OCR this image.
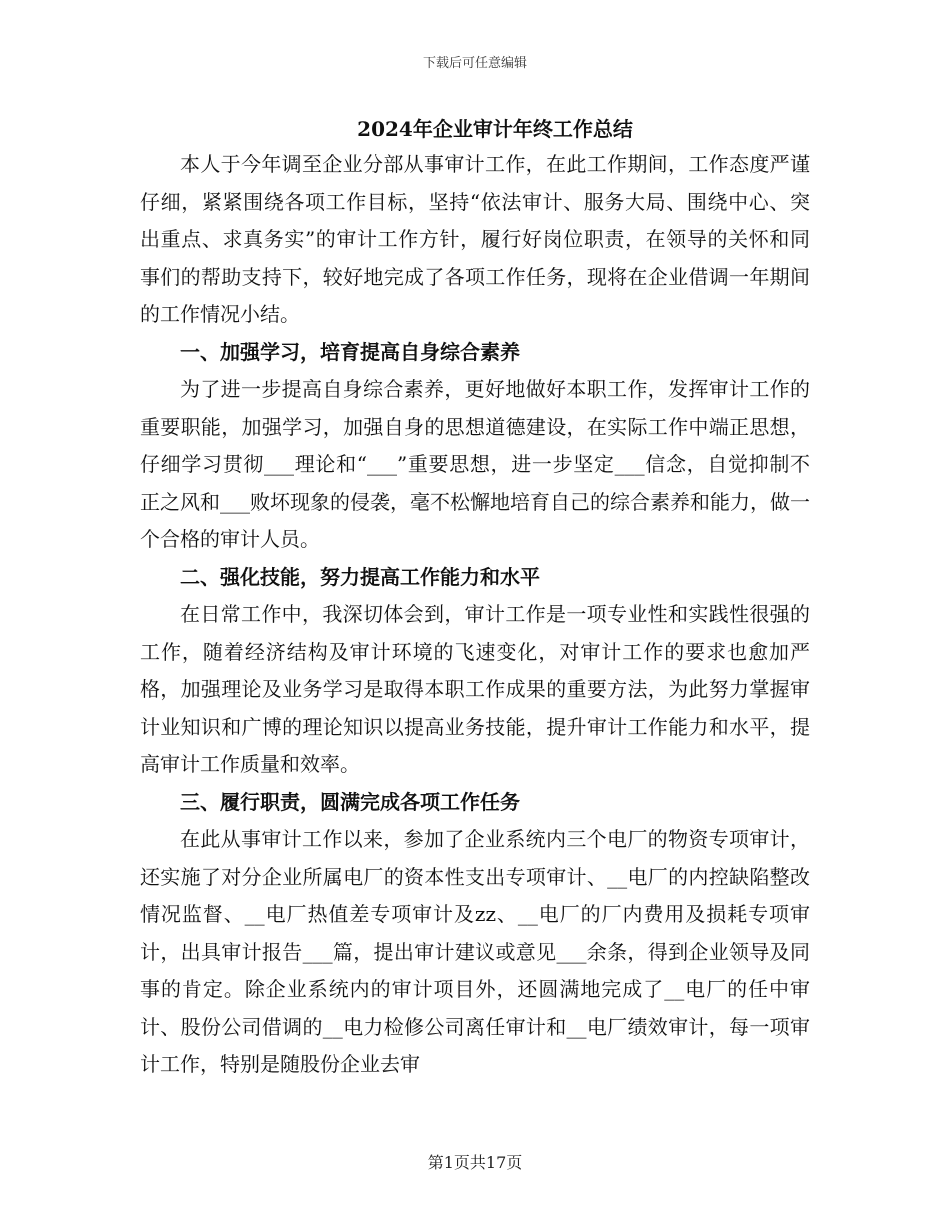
下载后可任意编辑
2024年企业审计年终工作总结

本人于今年调至企业分部从事审计工作，在此工作期间，工作态度严谨仔细，紧紧围绕各项工作目标，坚持“依法审计、服务大局、围绕中心、突出重点、求真务实”的审计工作方针，履行好岗位职责，在领导的关怀和同事们的帮助支持下，较好地完成了各项工作任务，现将在企业借调一年期间的工作情况小结。

一、加强学习，培育提高自身综合素养

为了进一步提高自身综合素养，更好地做好本职工作，发挥审计工作的重要职能，加强学习，加强自身的思想道德建设，在实际工作中端正思想，仔细学习贯彻___理论和“___”重要思想，进一步坚定___信念，自觉抑制不正之风和___败坏现象的侵袭，毫不松懈地培育自己的综合素养和能力，做一个合格的审计人员。

二、强化技能，努力提高工作能力和水平

在日常工作中，我深切体会到，审计工作是一项专业性和实践性很强的工作，随着经济结构及审计环境的飞速变化，对审计工作的要求也愈加严格，加强理论及业务学习是取得本职工作成果的重要方法，为此努力掌握审计业知识和广博的理论知识以提高业务技能，提升审计工作能力和水平，提高审计工作质量和效率。

三、履行职责，圆满完成各项工作任务

在此从事审计工作以来，参加了企业系统内三个电厂的物资专项审计，还实施了对分企业所属电厂的资本性支出专项审计、__电厂的内控缺陷整改情况监督、__电厂热值差专项审计及zz、__电厂的厂内费用及损耗专项审计，出具审计报告___篇，提出审计建议或意见___余条，得到企业领导及同事的肯定。除企业系统内的审计项目外，还圆满地完成了__电厂的任中审计、股份公司借调的__电力检修公司离任审计和__电厂绩效审计，每一项审计工作，特别是随股份企业去审

第1页共17页
